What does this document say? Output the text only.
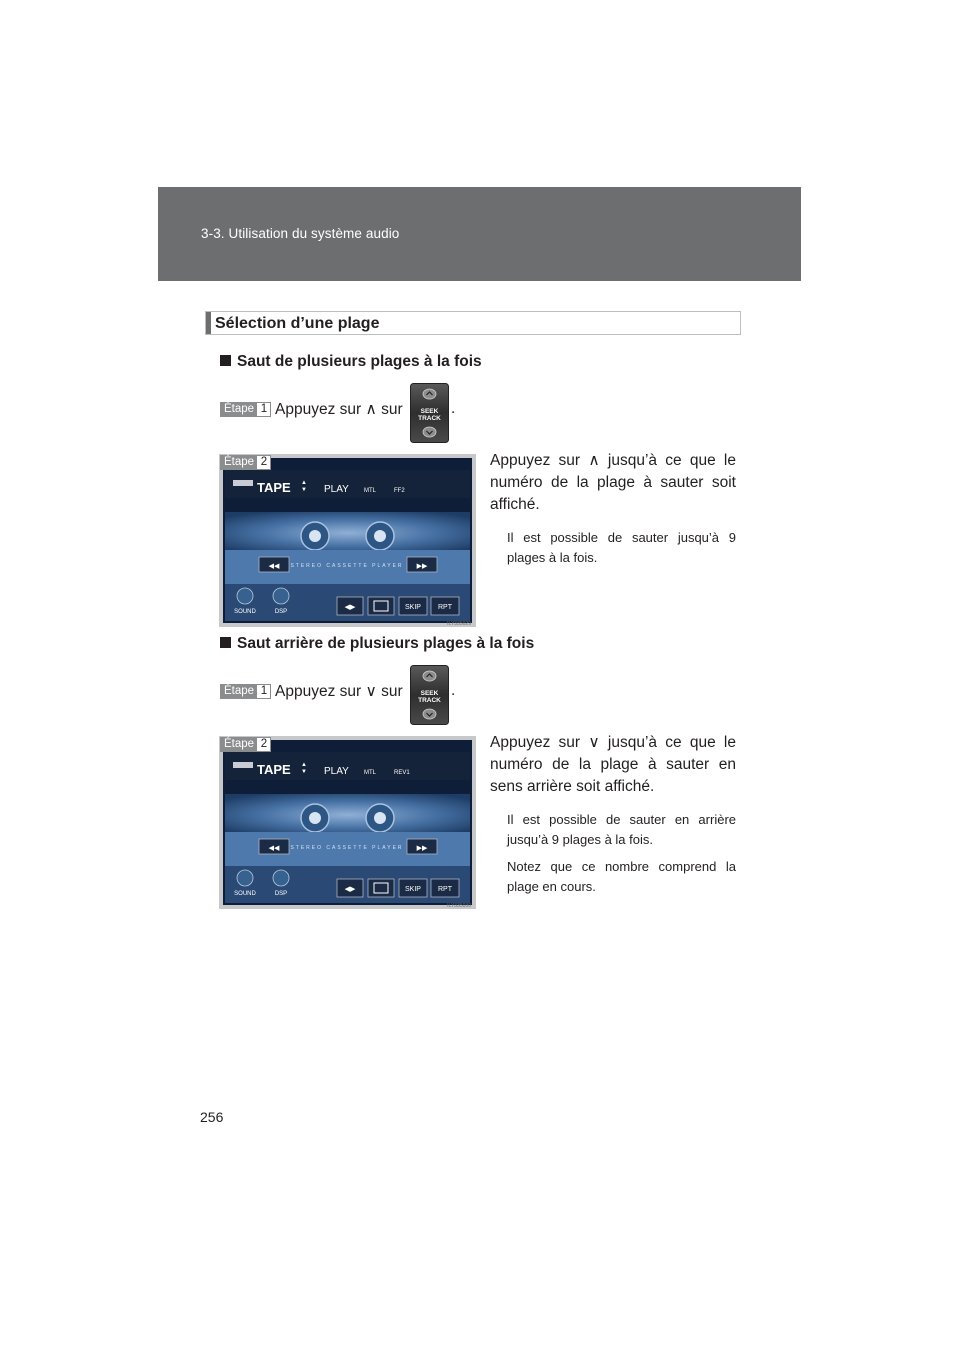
3-3. Utilisation du système audio
Sélection d’une plage
Saut de plusieurs plages à la fois
Étape 1 Appuyez sur ∧ sur	SEEK
TRACK
.
Étape 2
TAPE ▲
▼ PLAY	MTL	FF2
◀◀ STEREO CASSETTE PLAYER ▶▶
SOUND	DSP
◀▶	SKIP RPT
ILY335029
Appuyez sur ∧ jusqu’à ce que le numéro de la plage à sauter soit affiché.
Il est possible de sauter jusqu’à 9 plages à la fois.
Saut arrière de plusieurs plages à la fois
Étape 1 Appuyez sur ∨ sur	SEEK
TRACK
.
Étape 2
TAPE ▲
▼ PLAY	MTL	REV1
◀◀ STEREO CASSETTE PLAYER ▶▶
SOUND	DSP
◀▶	SKIP RPT
ILY335030
Appuyez sur ∨ jusqu’à ce que le numéro de la plage à sauter en sens arrière soit affiché.
Il est possible de sauter en arrière jusqu’à 9 plages à la fois.
Notez que ce nombre comprend la plage en cours.
256
